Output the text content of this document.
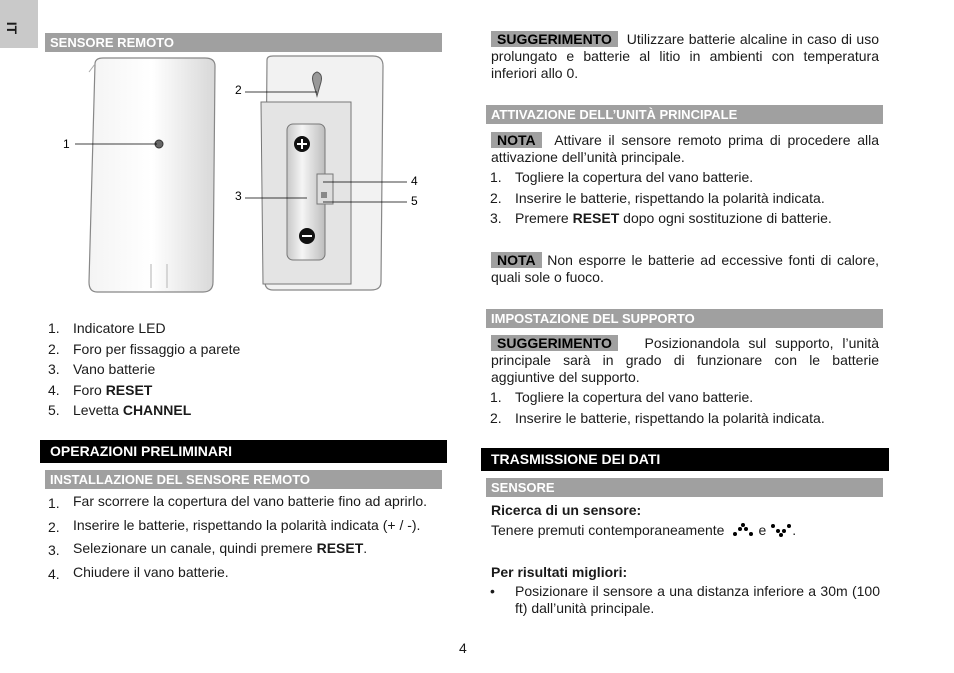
IT
SENSORE REMOTO
1
2
3
4
5
1. Indicatore LED
2. Foro per fissaggio a parete
3. Vano batterie
4. Foro RESET
5. Levetta CHANNEL
OPERAZIONI PRELIMINARI
INSTALLAZIONE DEL SENSORE REMOTO
1. Far scorrere la copertura del vano batterie fino ad aprirlo.
2. Inserire le batterie, rispettando la polarità indicata (+ / -).
3. Selezionare un canale, quindi premere RESET.
4. Chiudere il vano batterie.
SUGGERIMENTO Utilizzare batterie alcaline in caso di uso prolungato e batterie al litio in ambienti con temperatura inferiori allo 0.
ATTIVAZIONE DELL’UNITÀ PRINCIPALE
NOTA Attivare il sensore remoto prima di procedere alla attivazione dell’unità principale.
1. Togliere la copertura del vano batterie.
2. Inserire le batterie, rispettando la polarità indicata.
3. Premere RESET dopo ogni sostituzione di batterie.
NOTA Non esporre le batterie ad eccessive fonti di calore, quali sole o fuoco.
IMPOSTAZIONE DEL SUPPORTO
SUGGERIMENTO Posizionandola sul supporto, l’unità principale sarà in grado di funzionare con le batterie aggiuntive del supporto.
1. Togliere la copertura del vano batterie.
2. Inserire le batterie, rispettando la polarità indicata.
TRASMISSIONE DEI DATI
SENSORE
Ricerca di un sensore:
Tenere premuti contemporaneamente e .
Per risultati migliori:
•	Posizionare il sensore a una distanza inferiore a 30m (100 ft) dall’unità principale.
4
